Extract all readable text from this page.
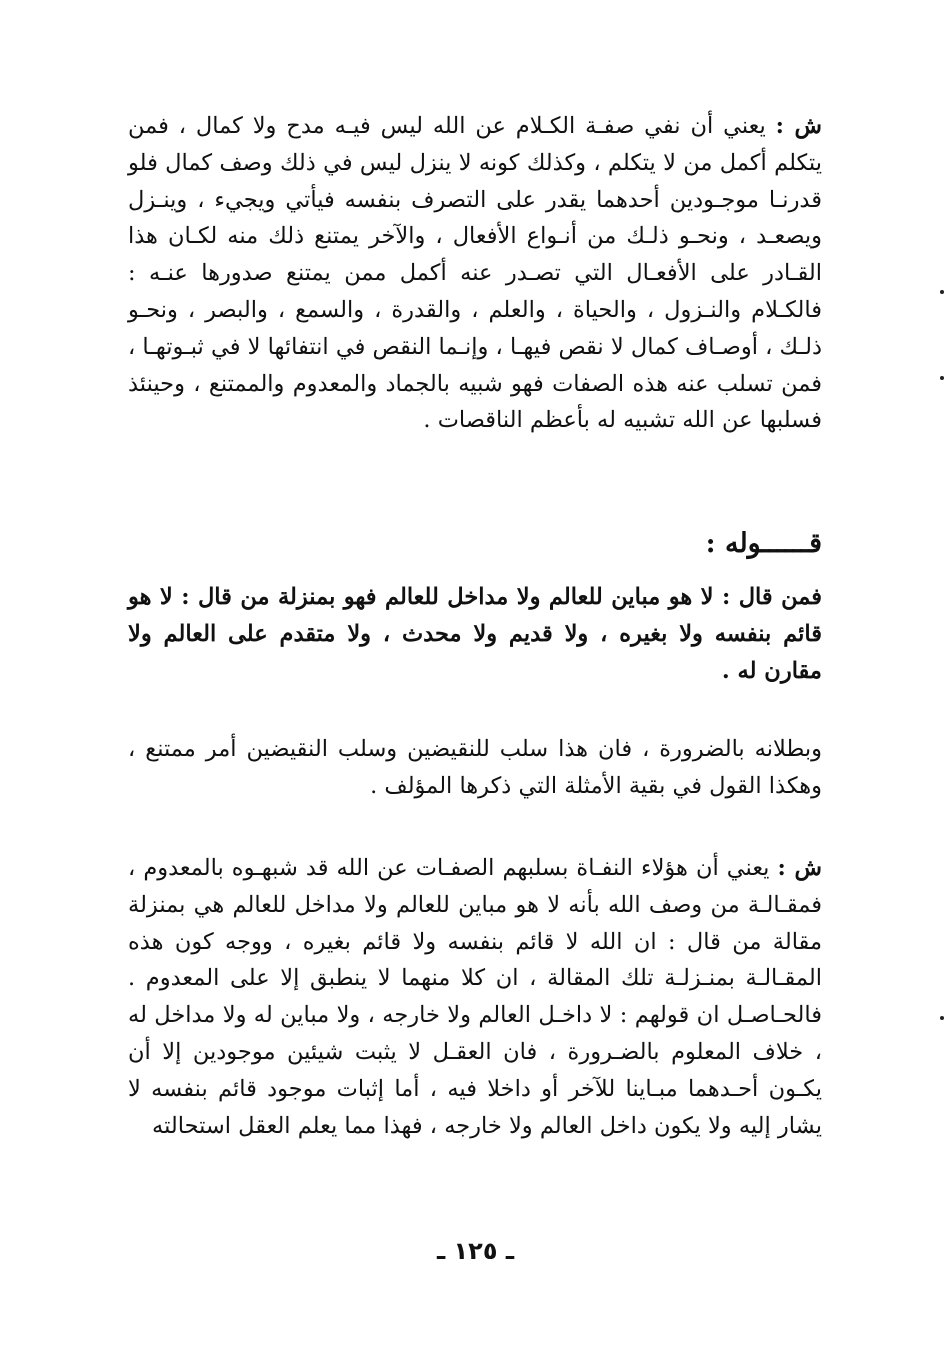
ش : يعني أن نفي صفـة الكـلام عن الله ليس فيـه مدح ولا كمال ، فمن يتكلم أكمل من لا يتكلم ، وكذلك كونه لا ينزل ليس في ذلك وصف كمال فلو قدرنـا موجـودين أحدهما يقدر على التصرف بنفسه فيأتي ويجيء ، وينـزل ويصعـد ، ونحـو ذلـك من أنـواع الأفعال ، والآخر يمتنع ذلك منه لكـان هذا القـادر على الأفعـال التي تصـدر عنه أكمل ممن يمتنع صدورها عنـه : فالكـلام والنـزول ، والحياة ، والعلم ، والقدرة ، والسمع ، والبصر ، ونحـو ذلـك ، أوصـاف كمال لا نقص فيهـا ، وإنـما النقص في انتفائها لا في ثبـوتهـا ، فمن تسلب عنه هذه الصفات فهو شبيه بالجماد والمعدوم والممتنع ، وحينئذ فسلبها عن الله تشبيه له بأعظم الناقصات .

قــــــوله :

فمن قال : لا هو مباين للعالم ولا مداخل للعالم فهو بمنزلة من قال : لا هو قائم بنفسه ولا بغيره ، ولا قديم ولا محدث ، ولا متقدم على العالم ولا مقارن له .

وبطلانه بالضرورة ، فان هذا سلب للنقيضين وسلب النقيضين أمر ممتنع ، وهكذا القول في بقية الأمثلة التي ذكرها المؤلف .

ش : يعني أن هؤلاء النفـاة بسلبهم الصفـات عن الله قد شبهـوه بالمعدوم ، فمقـالـة من وصف الله بأنه لا هو مباين للعالم ولا مداخل للعالم هي بمنزلة مقالة من قال : ان الله لا قائم بنفسه ولا قائم بغيره ، ووجه كون هذه المقـالـة بمنـزلـة تلك المقالة ، ان كلا منهما لا ينطبق إلا على المعدوم . فالحـاصـل ان قولهم : لا داخـل العالم ولا خارجه ، ولا مباين له ولا مداخل له ، خلاف المعلوم بالضـرورة ، فان العقـل لا يثبت شيئين موجودين إلا أن يكـون أحـدهما مبـاينا للآخر أو داخلا فيه ، أما إثبات موجود قائم بنفسه لا يشار إليه ولا يكون داخل العالم ولا خارجه ، فهذا مما يعلم العقل استحالته

ـ ١٢٥ ـ
